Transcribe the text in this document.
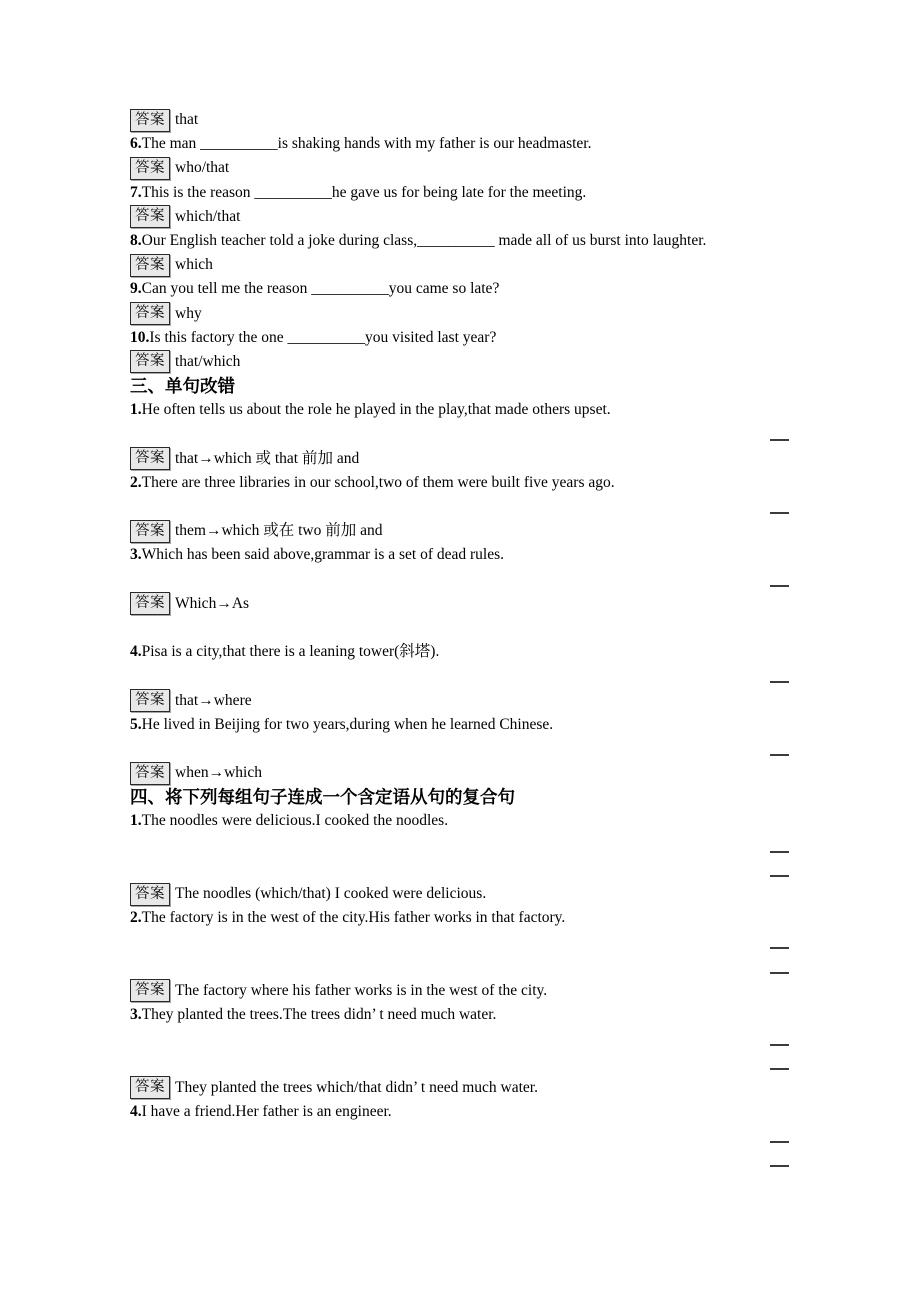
答案 that
6.The man __________is shaking hands with my father is our headmaster.
答案 who/that
7.This is the reason __________he gave us for being late for the meeting.
答案 which/that
8.Our English teacher told a joke during class,__________ made all of us burst into laughter.
答案 which
9.Can you tell me the reason __________you came so late?
答案 why
10.Is this factory the one __________you visited last year?
答案 that/which
三、单句改错
1.He often tells us about the role he played in the play,that made others upset.
答案 that→which 或 that 前加 and
2.There are three libraries in our school,two of them were built five years ago.
答案 them→which 或在 two 前加 and
3.Which has been said above,grammar is a set of dead rules.
答案 Which→As
4.Pisa is a city,that there is a leaning tower(斜塔).
答案 that→where
5.He lived in Beijing for two years,during when he learned Chinese.
答案 when→which
四、将下列每组句子连成一个含定语从句的复合句
1.The noodles were delicious.I cooked the noodles.
答案 The noodles (which/that) I cooked were delicious.
2.The factory is in the west of the city.His father works in that factory.
答案 The factory where his father works is in the west of the city.
3.They planted the trees.The trees didn’ t need much water.
答案 They planted the trees which/that didn’ t need much water.
4.I have a friend.Her father is an engineer.
